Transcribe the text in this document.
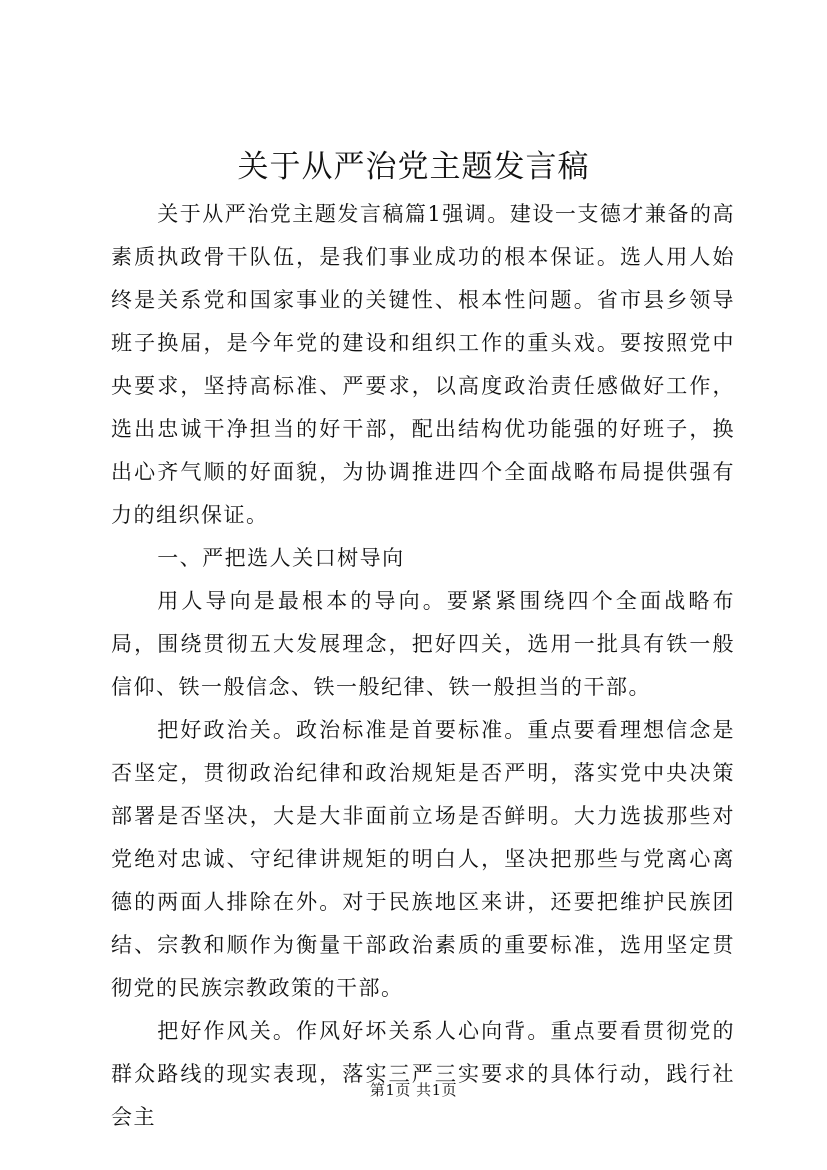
关于从严治党主题发言稿

关于从严治党主题发言稿篇1强调。建设一支德才兼备的高素质执政骨干队伍，是我们事业成功的根本保证。选人用人始终是关系党和国家事业的关键性、根本性问题。省市县乡领导班子换届，是今年党的建设和组织工作的重头戏。要按照党中央要求，坚持高标准、严要求，以高度政治责任感做好工作，选出忠诚干净担当的好干部，配出结构优功能强的好班子，换出心齐气顺的好面貌，为协调推进四个全面战略布局提供强有力的组织保证。

一、严把选人关口树导向

用人导向是最根本的导向。要紧紧围绕四个全面战略布局，围绕贯彻五大发展理念，把好四关，选用一批具有铁一般信仰、铁一般信念、铁一般纪律、铁一般担当的干部。

把好政治关。政治标准是首要标准。重点要看理想信念是否坚定，贯彻政治纪律和政治规矩是否严明，落实党中央决策部署是否坚决，大是大非面前立场是否鲜明。大力选拔那些对党绝对忠诚、守纪律讲规矩的明白人，坚决把那些与党离心离德的两面人排除在外。对于民族地区来讲，还要把维护民族团结、宗教和顺作为衡量干部政治素质的重要标准，选用坚定贯彻党的民族宗教政策的干部。

把好作风关。作风好坏关系人心向背。重点要看贯彻党的群众路线的现实表现，落实三严三实要求的具体行动，践行社会主

第1页 共1页
